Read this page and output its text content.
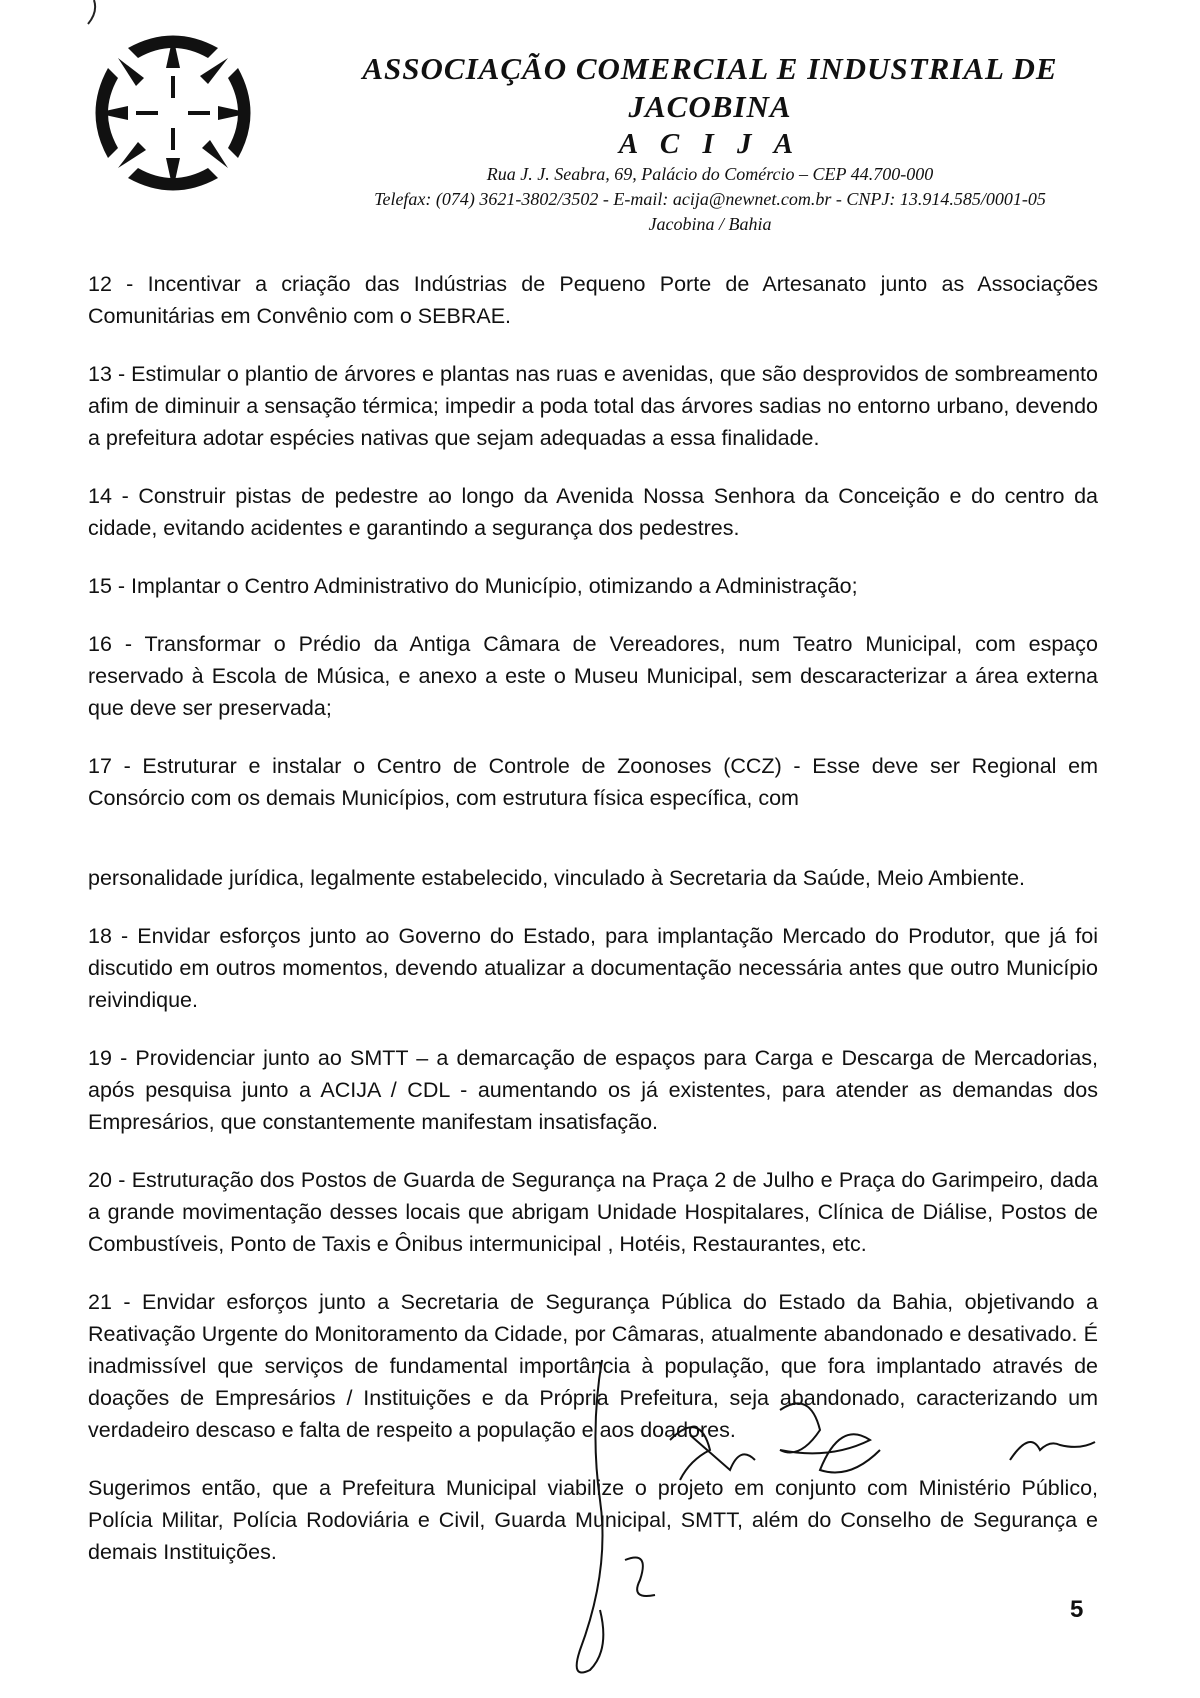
ASSOCIAÇÃO COMERCIAL E INDUSTRIAL DE JACOBINA

A C I J A

Rua J. J. Seabra, 69, Palácio do Comércio – CEP 44.700-000

Telefax: (074) 3621-3802/3502 - E-mail: acija@newnet.com.br - CNPJ: 13.914.585/0001-05

Jacobina / Bahia

12 - Incentivar a criação das Indústrias de Pequeno Porte de Artesanato junto as Associações Comunitárias em Convênio com o SEBRAE.

13 - Estimular o plantio de árvores e plantas nas ruas e avenidas, que são desprovidos de sombreamento afim de diminuir a sensação térmica; impedir a poda total das árvores sadias no entorno urbano, devendo a prefeitura adotar espécies nativas que sejam adequadas a essa finalidade.

14 - Construir pistas de pedestre ao longo da Avenida Nossa Senhora da Conceição e do centro da cidade, evitando acidentes e garantindo a segurança dos pedestres.

15 - Implantar o Centro Administrativo do Município, otimizando a Administração;

16 - Transformar o Prédio da Antiga Câmara de Vereadores, num Teatro Municipal, com espaço reservado à Escola de Música, e anexo a este o Museu Municipal, sem descaracterizar a área externa que deve ser preservada;

17 - Estruturar e instalar o Centro de Controle de Zoonoses (CCZ) - Esse deve ser Regional em Consórcio com os demais Municípios, com estrutura física específica, com

personalidade jurídica, legalmente estabelecido, vinculado à Secretaria da Saúde, Meio Ambiente.

18 - Envidar esforços junto ao Governo do Estado, para implantação Mercado do Produtor, que já foi discutido em outros momentos, devendo atualizar a documentação necessária antes que outro Município reivindique.

19 - Providenciar junto ao SMTT – a demarcação de espaços para Carga e Descarga de Mercadorias, após pesquisa junto a ACIJA / CDL - aumentando os já existentes, para atender as demandas dos Empresários, que constantemente manifestam insatisfação.

20 - Estruturação dos Postos de Guarda de Segurança na Praça 2 de Julho e Praça do Garimpeiro, dada a grande movimentação desses locais que abrigam Unidade Hospitalares, Clínica de Diálise, Postos de Combustíveis, Ponto de Taxis e Ônibus intermunicipal , Hotéis, Restaurantes, etc.

21 - Envidar esforços junto a Secretaria de Segurança Pública do Estado da Bahia, objetivando a Reativação Urgente do Monitoramento da Cidade, por Câmaras, atualmente abandonado e desativado. É inadmissível que serviços de fundamental importância à população, que fora implantado através de doações de Empresários / Instituições e da Própria Prefeitura, seja abandonado, caracterizando um verdadeiro descaso e falta de respeito a população e aos doadores.

Sugerimos então, que a Prefeitura Municipal viabilize o projeto em conjunto com Ministério Público, Polícia Militar, Polícia Rodoviária e Civil, Guarda Municipal, SMTT, além do Conselho de Segurança e demais Instituições.

5
